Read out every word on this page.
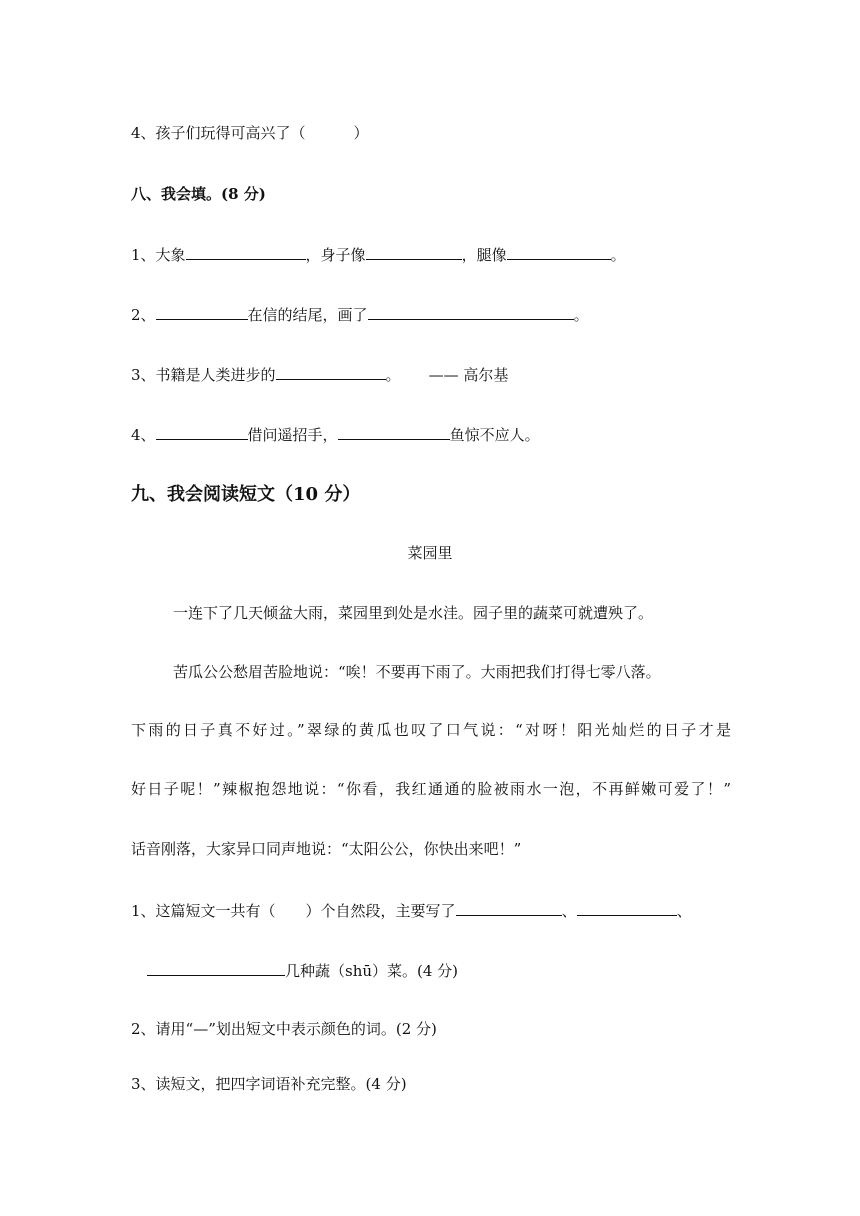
4、孩子们玩得可高兴了（	）
八、我会填。(8 分)
1、大象	，身子像	，腿像	。
2、	在信的结尾，画了	。
3、书籍是人类进步的	。 —— 高尔基
4、	借问遥招手，	鱼惊不应人。
九、我会阅读短文（10 分）
菜园里
一连下了几天倾盆大雨，菜园里到处是水洼。园子里的蔬菜可就遭殃了。
苦瓜公公愁眉苦脸地说：“唉！不要再下雨了。大雨把我们打得七零八落。
下雨的日子真不好过。”翠绿的黄瓜也叹了口气说：“对呀！阳光灿烂的日子才是
好日子呢！”辣椒抱怨地说：“你看，我红通通的脸被雨水一泡，不再鲜嫩可爱了！”
话音刚落，大家异口同声地说：“太阳公公，你快出来吧！”
1、这篇短文一共有（ ）个自然段，主要写了	、	、
几种蔬（shū）菜。(4 分)
2、请用“—”划出短文中表示颜色的词。(2 分)
3、读短文，把四字词语补充完整。(4 分)
